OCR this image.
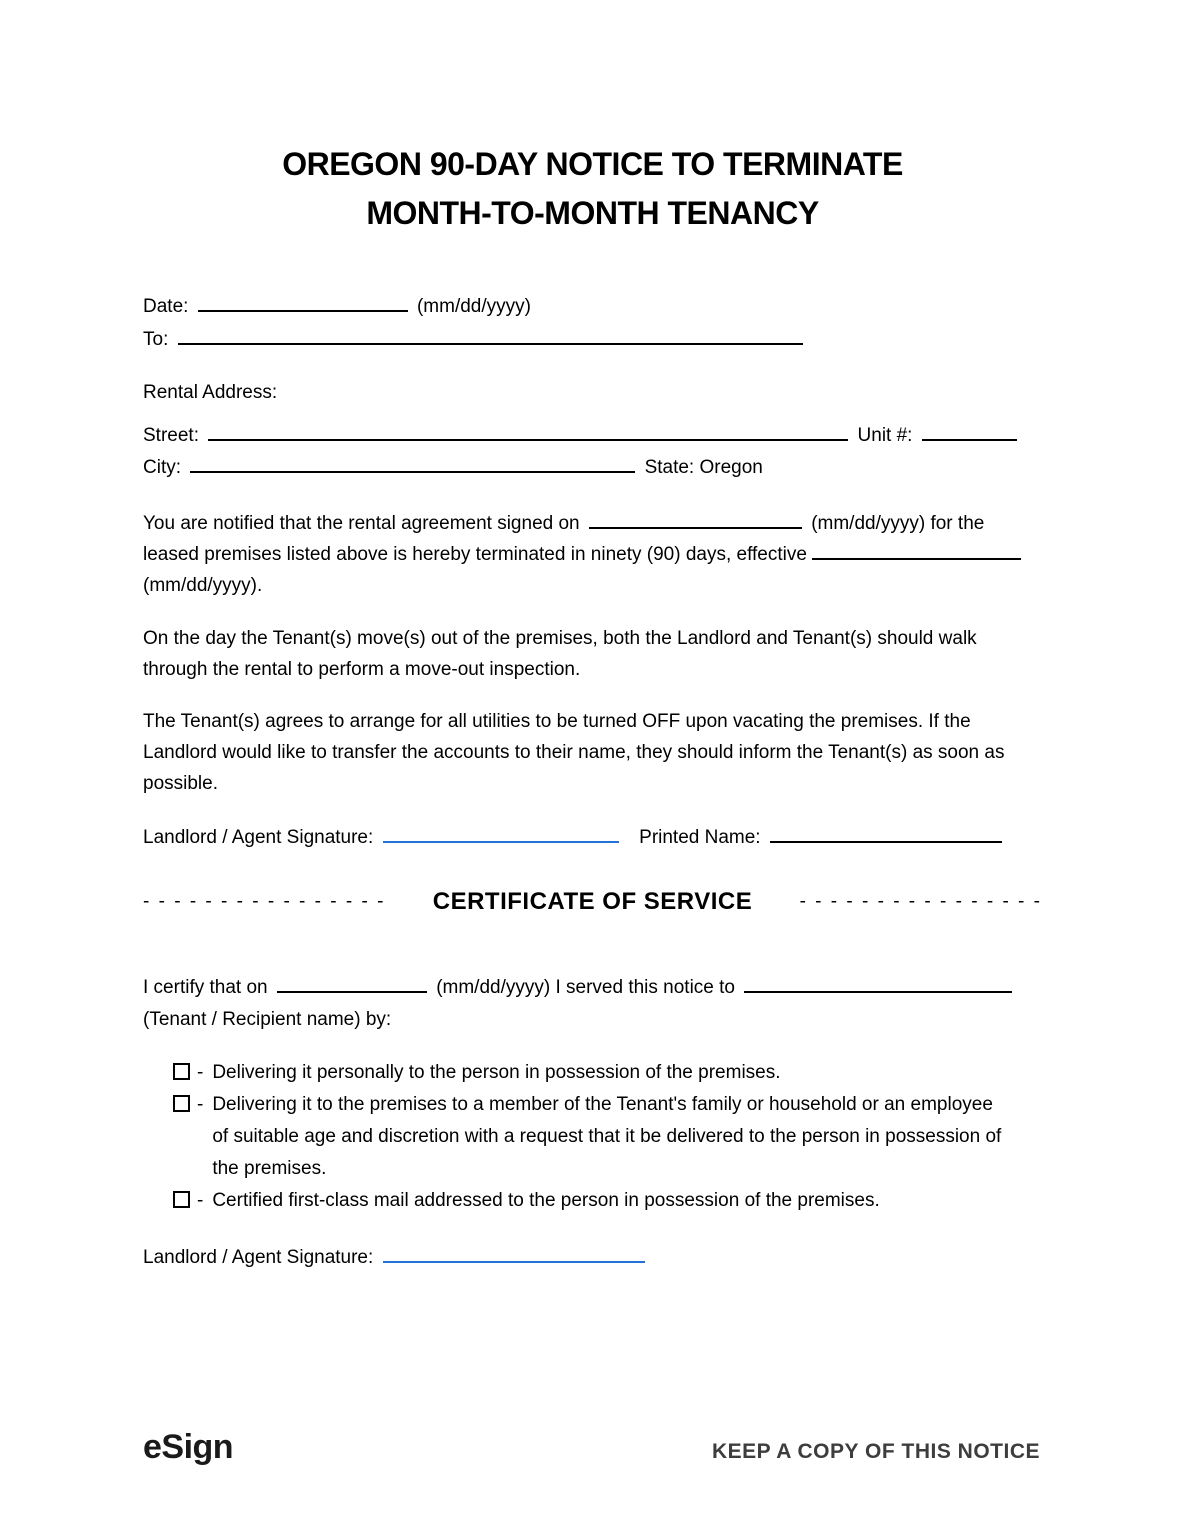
OREGON 90-DAY NOTICE TO TERMINATE
MONTH-TO-MONTH TENANCY
Date:	(mm/dd/yyyy)
To:
Rental Address:
Street:	Unit #:
City:	State: Oregon
You are notified that the rental agreement signed on	(mm/dd/yyyy) for the leased premises listed above is hereby terminated in ninety (90) days, effective  (mm/dd/yyyy).
On the day the Tenant(s) move(s) out of the premises, both the Landlord and Tenant(s) should walk through the rental to perform a move-out inspection.
The Tenant(s) agrees to arrange for all utilities to be turned OFF upon vacating the premises. If the Landlord would like to transfer the accounts to their name, they should inform the Tenant(s) as soon as possible.
Landlord / Agent Signature:	Printed Name:
- - - - - - - - - - - - - - - -	CERTIFICATE OF SERVICE	- - - - - - - - - - - - - - - -
I certify that on	(mm/dd/yyyy) I served this notice to  (Tenant / Recipient name) by:
- Delivering it personally to the person in possession of the premises.
- Delivering it to the premises to a member of the Tenant's family or household or an employee of suitable age and discretion with a request that it be delivered to the person in possession of the premises.
- Certified first-class mail addressed to the person in possession of the premises.
Landlord / Agent Signature:
eSign	KEEP A COPY OF THIS NOTICE
